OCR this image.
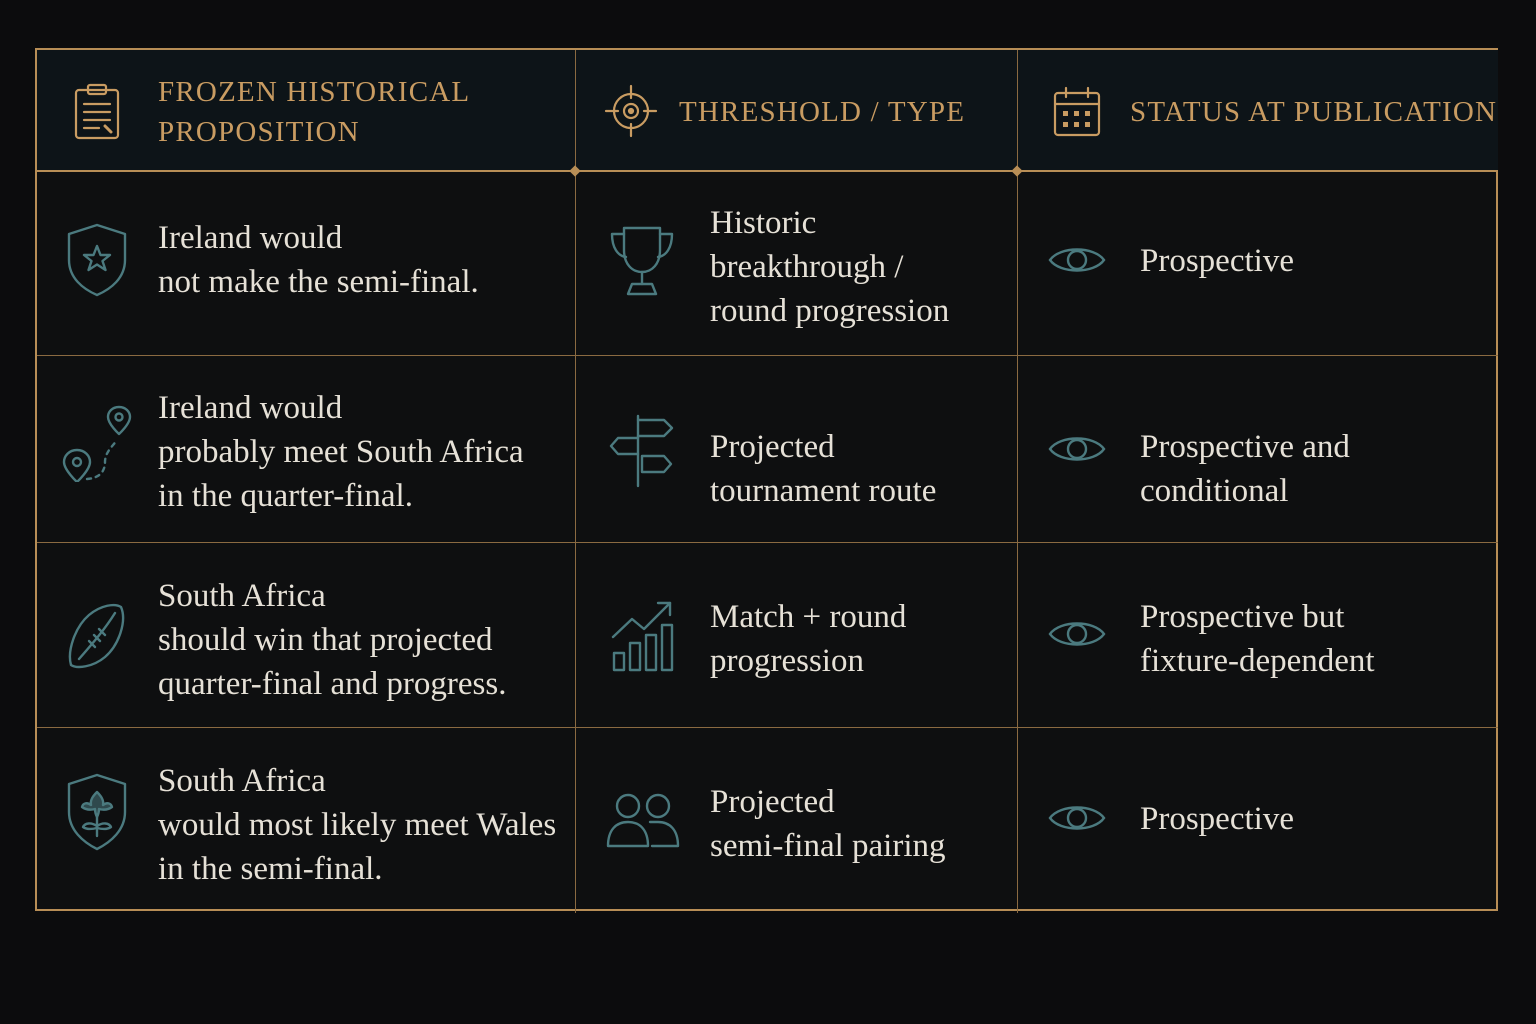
FROZEN HISTORICAL
PROPOSITION
THRESHOLD / TYPE	STATUS AT PUBLICATION
Ireland would
not make the semi-final.
Historic
breakthrough /
round progression
Prospective
Ireland would
probably meet South Africa
in the quarter-final.
Projected
tournament route
Prospective and
conditional
South Africa
should win that projected
quarter-final and progress.
Match + round
progression
Prospective but
fixture-dependent
South Africa
would most likely meet Wales
in the semi-final.
Projected
semi-final pairing
Prospective
